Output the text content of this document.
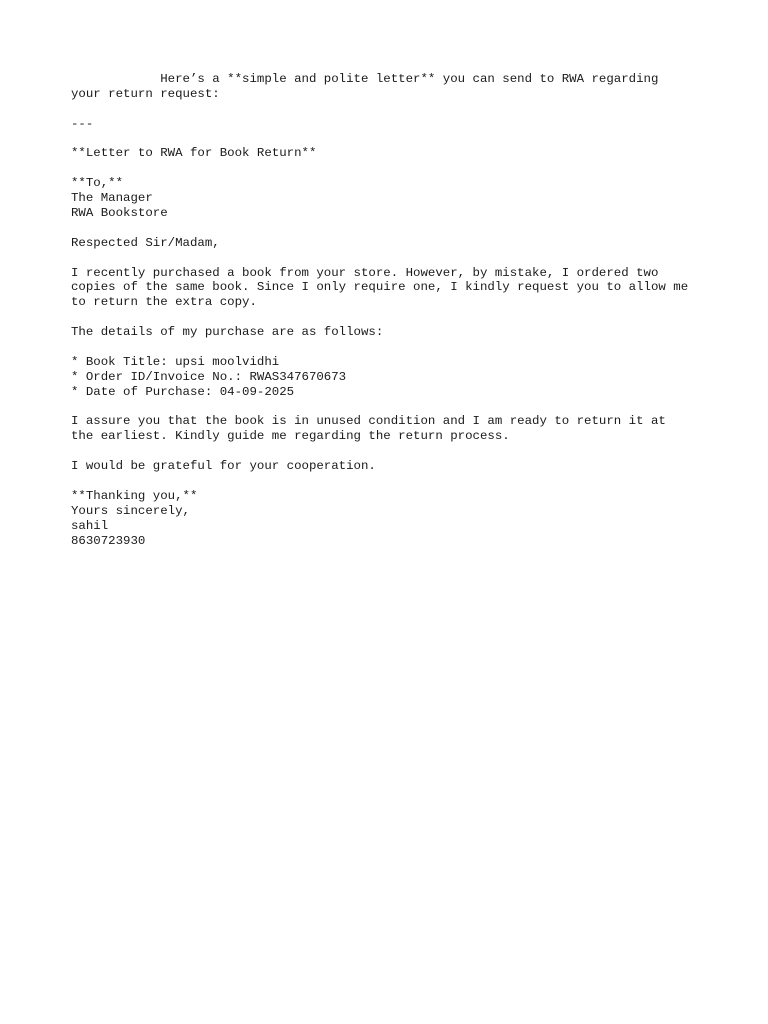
Here’s a **simple and polite letter** you can send to RWA regarding
your return request:
---
**Letter to RWA for Book Return**
**To,**
The Manager
RWA Bookstore
Respected Sir/Madam,
I recently purchased a book from your store. However, by mistake, I ordered two
copies of the same book. Since I only require one, I kindly request you to allow me
to return the extra copy.
The details of my purchase are as follows:
* Book Title: upsi moolvidhi
* Order ID/Invoice No.: RWAS347670673
* Date of Purchase: 04-09-2025
I assure you that the book is in unused condition and I am ready to return it at
the earliest. Kindly guide me regarding the return process.
I would be grateful for your cooperation.
**Thanking you,**
Yours sincerely,
sahil
8630723930
